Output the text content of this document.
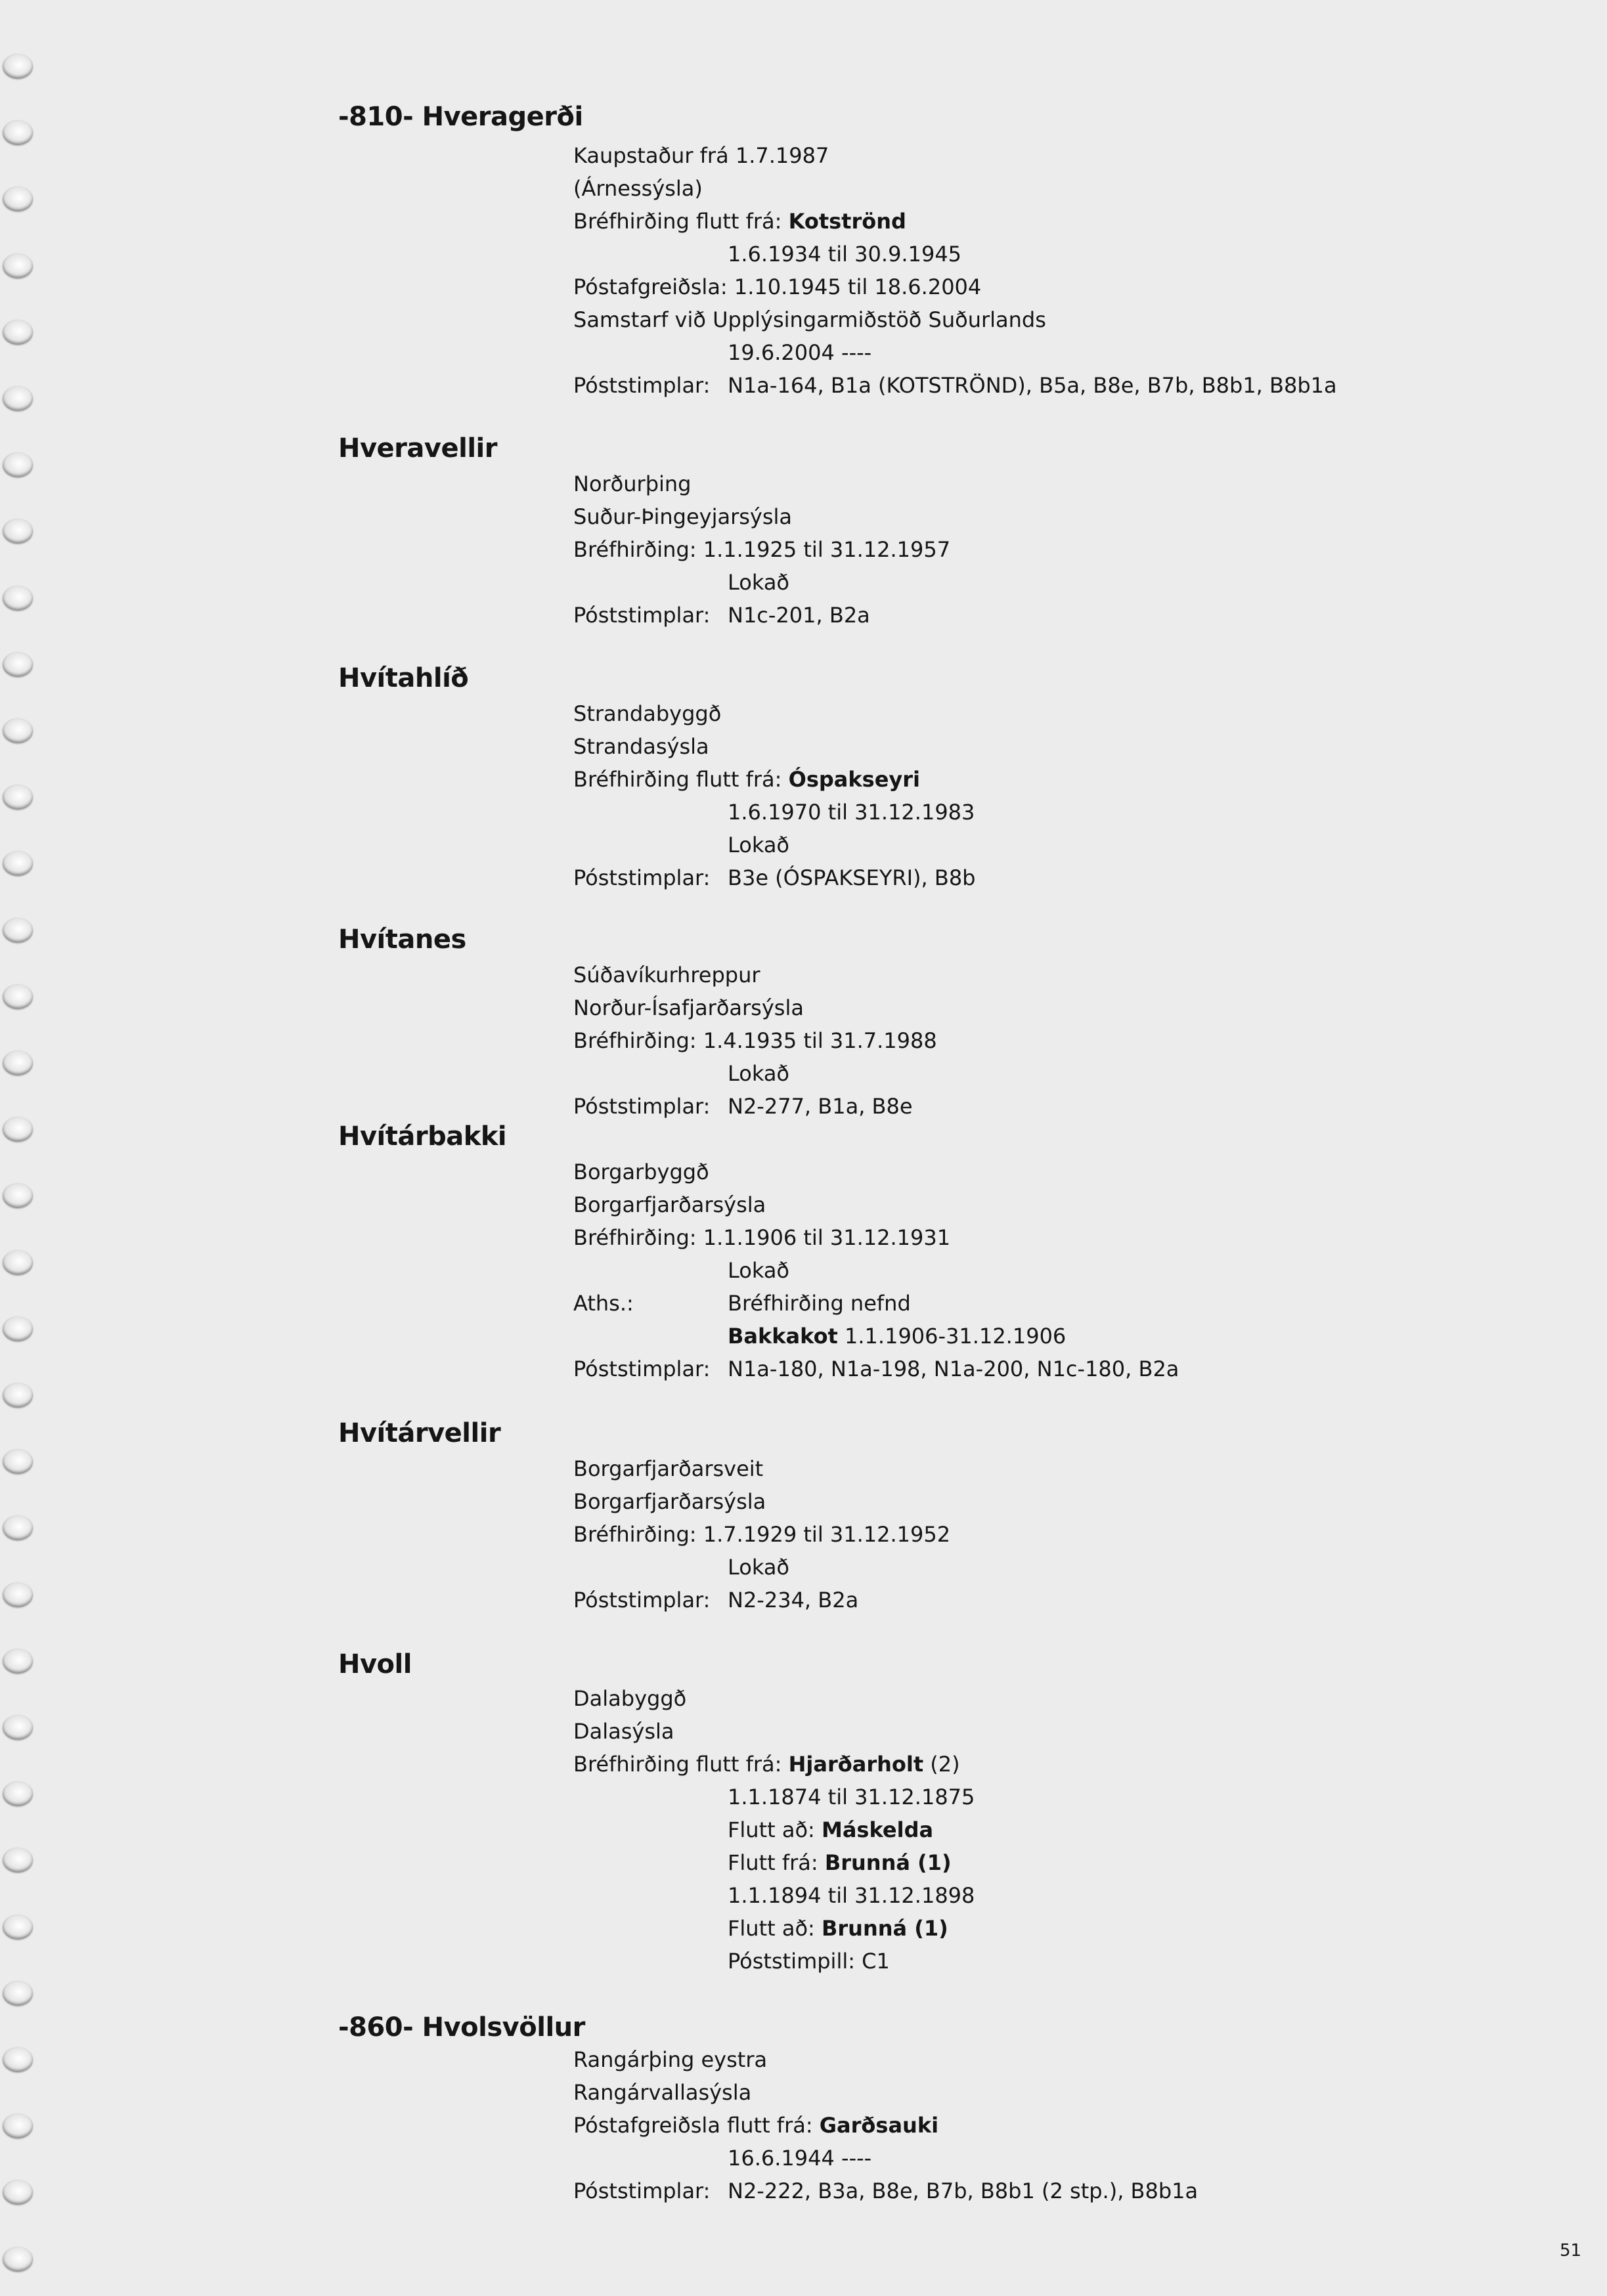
-810- Hveragerði
Kaupstaður frá 1.7.1987
(Árnessýsla)
Bréfhirðing flutt frá: Kotströnd
1.6.1934 til 30.9.1945
Póstafgreiðsla: 1.10.1945 til 18.6.2004
Samstarf við Upplýsingarmiðstöð Suðurlands
19.6.2004 ----
Póststimplar: N1a-164, B1a (KOTSTRÖND), B5a, B8e, B7b, B8b1, B8b1a
Hveravellir
Norðurþing
Suður-Þingeyjarsýsla
Bréfhirðing: 1.1.1925 til 31.12.1957
Lokað
Póststimplar: N1c-201, B2a
Hvítahlíð
Strandabyggð
Strandasýsla
Bréfhirðing flutt frá: Óspakseyri
1.6.1970 til 31.12.1983
Lokað
Póststimplar: B3e (ÓSPAKSEYRI), B8b
Hvítanes
Súðavíkurhreppur
Norður-Ísafjarðarsýsla
Bréfhirðing: 1.4.1935 til 31.7.1988
Lokað
Póststimplar: N2-277, B1a, B8e
Hvítárbakki
Borgarbyggð
Borgarfjarðarsýsla
Bréfhirðing: 1.1.1906 til 31.12.1931
Lokað
Aths.:	Bréfhirðing nefnd
Bakkakot 1.1.1906-31.12.1906
Póststimplar: N1a-180, N1a-198, N1a-200, N1c-180, B2a
Hvítárvellir
Borgarfjarðarsveit
Borgarfjarðarsýsla
Bréfhirðing: 1.7.1929 til 31.12.1952
Lokað
Póststimplar: N2-234, B2a
Hvoll
Dalabyggð
Dalasýsla
Bréfhirðing flutt frá: Hjarðarholt (2)
1.1.1874 til 31.12.1875
Flutt að: Máskelda
Flutt frá: Brunná (1)
1.1.1894 til 31.12.1898
Flutt að: Brunná (1)
Póststimpill: C1
-860- Hvolsvöllur
Rangárþing eystra
Rangárvallasýsla
Póstafgreiðsla flutt frá: Garðsauki
16.6.1944 ----
Póststimplar: N2-222, B3a, B8e, B7b, B8b1 (2 stp.), B8b1a
51
